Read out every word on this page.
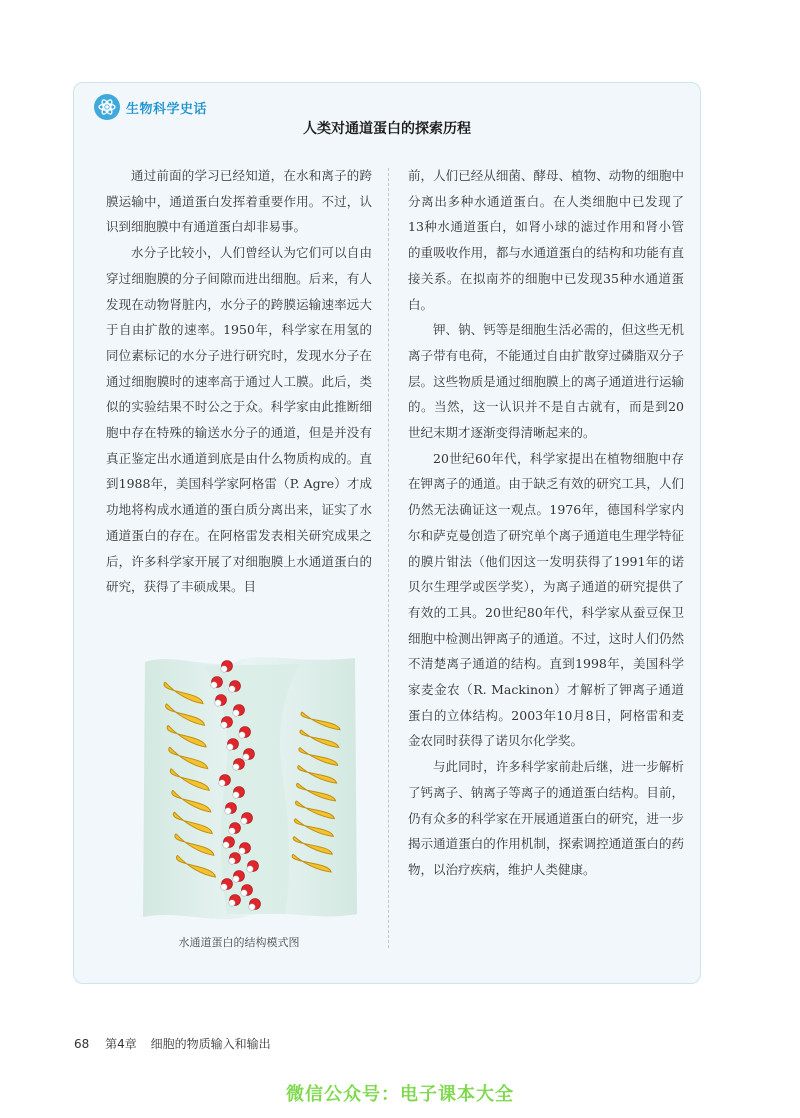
生物科学史话
人类对通道蛋白的探索历程

通过前面的学习已经知道，在水和离子的跨膜运输中，通道蛋白发挥着重要作用。不过，认识到细胞膜中有通道蛋白却非易事。

水分子比较小，人们曾经认为它们可以自由穿过细胞膜的分子间隙而进出细胞。后来，有人发现在动物肾脏内，水分子的跨膜运输速率远大于自由扩散的速率。1950年，科学家在用氢的同位素标记的水分子进行研究时，发现水分子在通过细胞膜时的速率高于通过人工膜。此后，类似的实验结果不时公之于众。科学家由此推断细胞中存在特殊的输送水分子的通道，但是并没有真正鉴定出水通道到底是由什么物质构成的。直到1988年，美国科学家阿格雷（P. Agre）才成功地将构成水通道的蛋白质分离出来，证实了水通道蛋白的存在。在阿格雷发表相关研究成果之后，许多科学家开展了对细胞膜上水通道蛋白的研究，获得了丰硕成果。目

前，人们已经从细菌、酵母、植物、动物的细胞中分离出多种水通道蛋白。在人类细胞中已发现了13种水通道蛋白，如肾小球的滤过作用和肾小管的重吸收作用，都与水通道蛋白的结构和功能有直接关系。在拟南芥的细胞中已发现35种水通道蛋白。

钾、钠、钙等是细胞生活必需的，但这些无机离子带有电荷，不能通过自由扩散穿过磷脂双分子层。这些物质是通过细胞膜上的离子通道进行运输的。当然，这一认识并不是自古就有，而是到20世纪末期才逐渐变得清晰起来的。

20世纪60年代，科学家提出在植物细胞中存在钾离子的通道。由于缺乏有效的研究工具，人们仍然无法确证这一观点。1976年，德国科学家内尔和萨克曼创造了研究单个离子通道电生理学特征的膜片钳法（他们因这一发明获得了1991年的诺贝尔生理学或医学奖），为离子通道的研究提供了有效的工具。20世纪80年代，科学家从蚕豆保卫细胞中检测出钾离子的通道。不过，这时人们仍然不清楚离子通道的结构。直到1998年，美国科学家麦金农（R. Mackinon）才解析了钾离子通道蛋白的立体结构。2003年10月8日，阿格雷和麦金农同时获得了诺贝尔化学奖。

与此同时，许多科学家前赴后继，进一步解析了钙离子、钠离子等离子的通道蛋白结构。目前，仍有众多的科学家在开展通道蛋白的研究，进一步揭示通道蛋白的作用机制，探索调控通道蛋白的药物，以治疗疾病，维护人类健康。

水通道蛋白的结构模式图
68 第4章 细胞的物质输入和输出
微信公众号：电子课本大全
